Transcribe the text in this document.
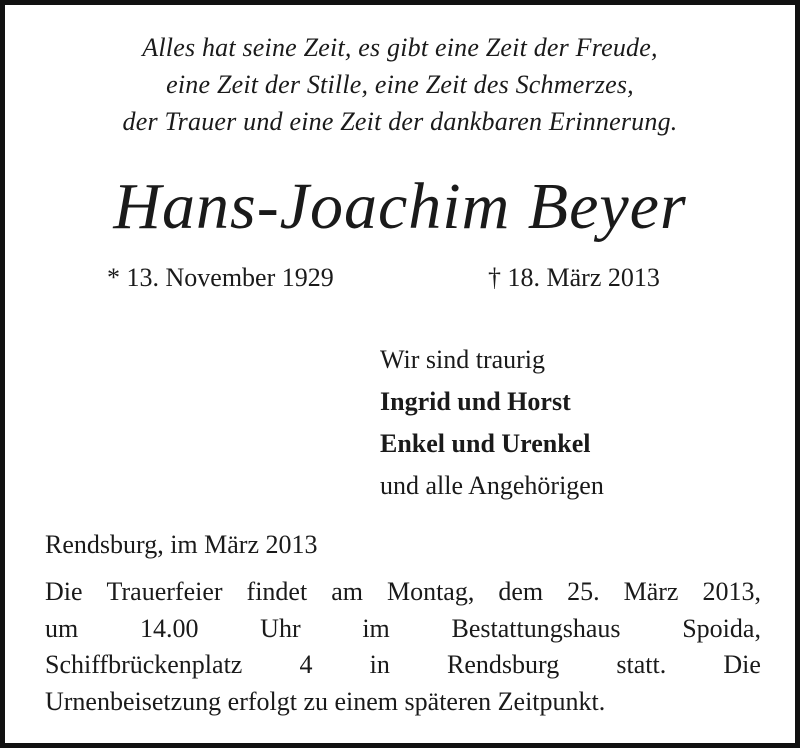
Alles hat seine Zeit, es gibt eine Zeit der Freude,
eine Zeit der Stille, eine Zeit des Schmerzes,
der Trauer und eine Zeit der dankbaren Erinnerung.
Hans-Joachim Beyer
* 13. November 1929	† 18. März 2013
Wir sind traurig
Ingrid und Horst
Enkel und Urenkel
und alle Angehörigen
Rendsburg, im März 2013
Die Trauerfeier findet am Montag, dem 25. März 2013,
um 14.00 Uhr im Bestattungshaus Spoida,
Schiffbrückenplatz 4 in Rendsburg statt. Die
Urnenbeisetzung erfolgt zu einem späteren Zeitpunkt.
